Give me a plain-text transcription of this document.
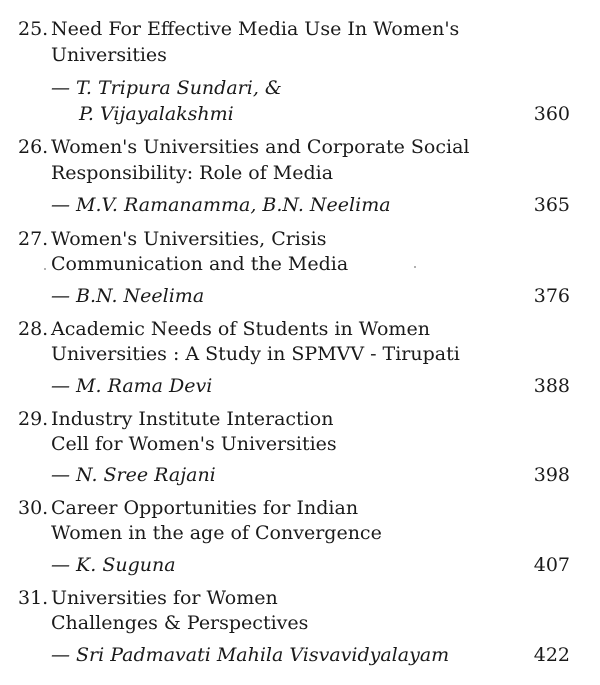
25. Need For Effective Media Use In Women's
Universities
— T. Tripura Sundari, &
P. Vijayalakshmi	360
26. Women's Universities and Corporate Social
Responsibility: Role of Media
— M.V. Ramanamma, B.N. Neelima	365
27. Women's Universities, Crisis
Communication and the Media
— B.N. Neelima	376
28. Academic Needs of Students in Women
Universities : A Study in SPMVV - Tirupati
— M. Rama Devi	388
29. Industry Institute Interaction
Cell for Women's Universities
— N. Sree Rajani	398
30. Career Opportunities for Indian
Women in the age of Convergence
— K. Suguna	407
31. Universities for Women
Challenges & Perspectives
— Sri Padmavati Mahila Visvavidyalayam	422
